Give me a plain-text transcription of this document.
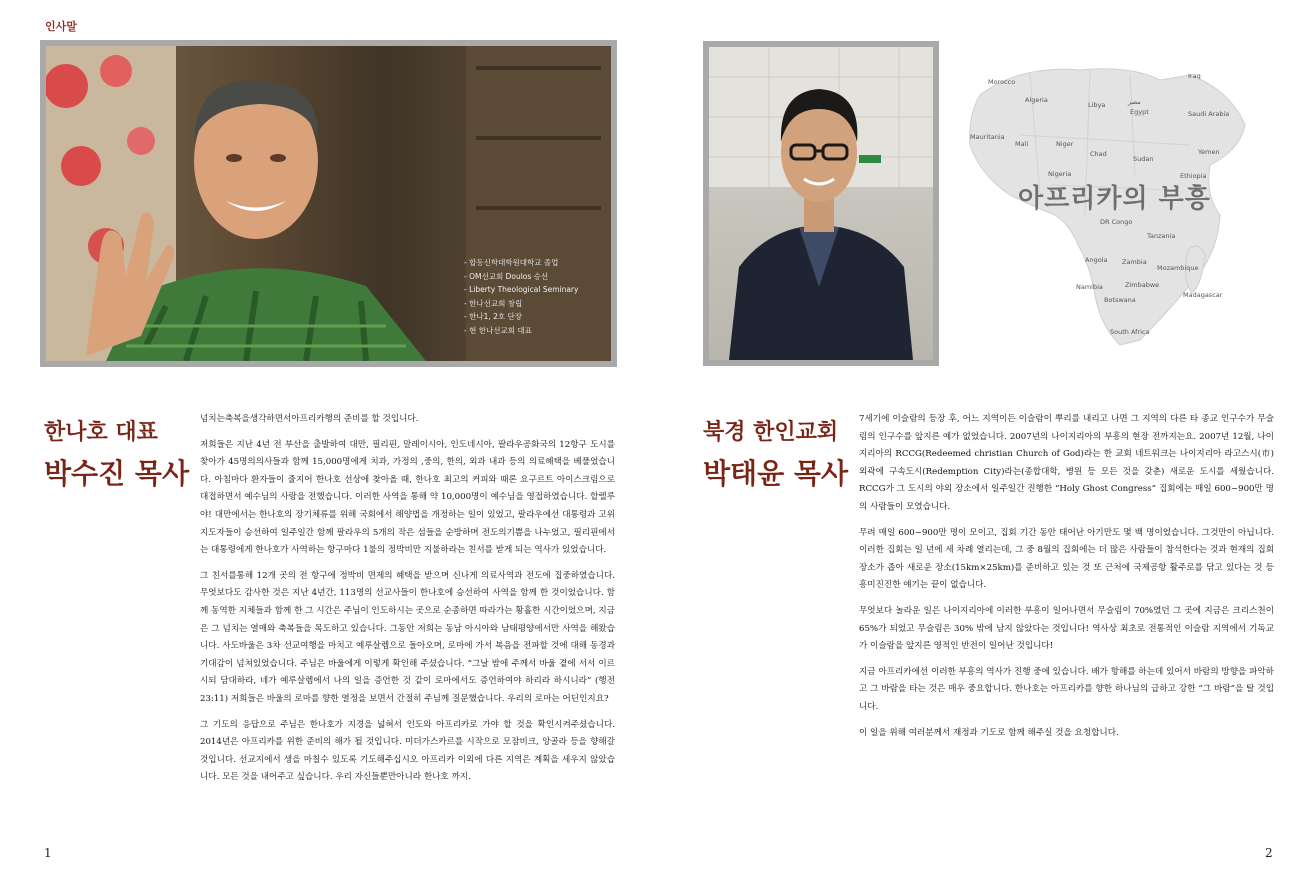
인사말
- 합동신학대학원대학교 졸업
- OM선교회 Doulos 승선
- Liberty Theological Seminary
- 한나선교회 창립
- 한나1, 2호 단장
- 현 한나선교회 대표
Morocco
Algeria
Libya	مصر
Egypt
Iraq
Saudi Arabia
Mauritania
Mali	Niger
Chad
Sudan
Yemen
Ethiopia
Nigeria
DR Congo
Tanzania
Angola Zambia
Mozambique
Namibia	Zimbabwe
Botswana
Madagascar
South Africa
아프리카의 부흥
한나호 대표
박수진 목사
북경 한인교회
박태윤 목사

넘치는축복을생각하면서아프리카행의 준비를 할 것입니다.

저희들은 지난 4년 전 부산을 출발하여 대만, 필리핀, 말레이시아, 인도네시아, 팔라우공화국의 12항구 도시를 찾아가 45명의의사들과 함께 15,000명에게 치과, 가정의 ,중의, 한의, 외과 내과 등의 의료혜택을 베풀었습니다. 아침마다 환자들이 줄지어 한나호 선상에 찾아올 때, 한나호 최고의 커피와 때론 요구르트 아이스크림으로 대접하면서 예수님의 사랑을 전했습니다. 이러한 사역을 통해 약 10,000명이 예수님을 영접하였습니다. 할렐루야! 대만에서는 한나호의 장기체류를 위해 국회에서 해양법을 개정하는 일이 있었고, 팔라우에선 대통령과 고위 지도자들이 승선하여 일주일간 함께 팔라우의 5개의 작은 섬들을 순방하며 전도의기쁨을 나누었고, 필리핀에서는 대통령에게 한나호가 사역하는 항구마다 1불의 정박비만 지불하라는 친서를 받게 되는 역사가 있었습니다.

그 친서를통해 12개 곳의 전 항구에 정박비 면제의 혜택을 받으며 신나게 의료사역과 전도에 집중하였습니다. 무엇보다도 감사한 것은 지난 4년간, 113명의 선교사들이 한나호에 승선하여 사역을 함께 한 것이었습니다. 함께 동역한 지체들과 함께 한 그 시간은 주님이 인도하시는 곳으로 순종하면 따라가는 황홀한 시간이었으며, 지금은 그 넘치는 열매와 축복들을 목도하고 있습니다. 그동안 저희는 동남 아시아와 남태평양에서만 사역을 해왔습니다. 사도바울은 3차 선교여행을 마치고 예루살렘으로 돌아오며, 로마에 가서 복음을 전파할 것에 대해 동경과 기대감이 넘쳐있었습니다. 주님은 바울에게 이렇게 확인해 주셨습니다. “그날 밤에 주께서 바울 곁에 서서 이르시되 담대하라, 네가 예루살렘에서 나의 일을 증언한 것 같이 로마에서도 증언하여야 하리라 하시니라” (행전 23:11) 저희들은 바울의 로마를 향한 열정을 보면서 간절히 주님께 질문했습니다. 우리의 로마는 어딘인지요?

그 기도의 응답으로 주님은 한나호가 지경을 넓혀서 인도와 아프리카로 가야 할 것을 확인시켜주셨습니다. 2014년은 아프리카를 위한 준비의 해가 될 것입니다. 미더가스카르를 시작으로 모잠비크, 앙골라 등을 향해갈 것입니다. 선교지에서 생을 마칠수 있도록 기도해주십시오 아프리카 이외에 다른 지역은 계획을 세우지 않았습니다. 모든 것을 내어주고 싶습니다. 우리 자신들뿐만아니라 한나호 까지.

7세기에 이슬람의 등장 후, 어느 지역이든 이슬람이 뿌리를 내리고 나면 그 지역의 다른 타 종교 인구수가 무슬림의 인구수를 앞지른 예가 없었습니다. 2007년의 나이지리아의 부흥의 현장 전까지는요. 2007년 12월, 나이지리아의 RCCG(Redeemed christian Church of God)라는 한 교회 네트워크는 나이지리아 라고스시(市) 외곽에 구속도시(Redemption City)라는(종합대학, 병원 등 모든 것을 갖춘) 새로운 도시를 세웠습니다. RCCG가 그 도시의 야외 장소에서 일주일간 진행한 “Holy Ghost Congress” 집회에는 매일 600~900만 명의 사람들이 모였습니다.

무려 매일 600~900만 명이 모이고, 집회 기간 동안 태어난 아기만도 몇 백 명이었습니다. 그것만이 아닙니다. 이러한 집회는 일 년에 세 차례 열리는데, 그 중 8월의 집회에는 더 많은 사람들이 참석한다는 것과 현재의 집회 장소가 좁아 새로운 장소(15km×25km)를 준비하고 있는 것 또 근처에 국제공항 활주로를 닦고 있다는 것 등 흥미진진한 얘기는 끝이 없습니다.

무엇보다 놀라운 일은 나이지리아에 이러한 부흥이 일어나면서 무슬림이 70%였던 그 곳에 지금은 크리스천이 65%가 되었고 무슬림은 30% 밖에 남지 않았다는 것입니다! 역사상 최초로 전통적인 이슬람 지역에서 기독교가 이슬람을 앞지른 영적인 반전이 일어난 것입니다!

지금 아프리카에선 이러한 부흥의 역사가 진행 중에 있습니다. 배가 항해를 하는데 있어서 바람의 방향을 파악하고 그 바람을 타는 것은 매우 중요합니다. 한나호는 아프리카를 향한 하나님의 급하고 강한 “그 바람”을 탈 것입니다.

이 일을 위해 여러분께서 재정과 기도로 함께 해주실 것을 요청합니다.

1	2
